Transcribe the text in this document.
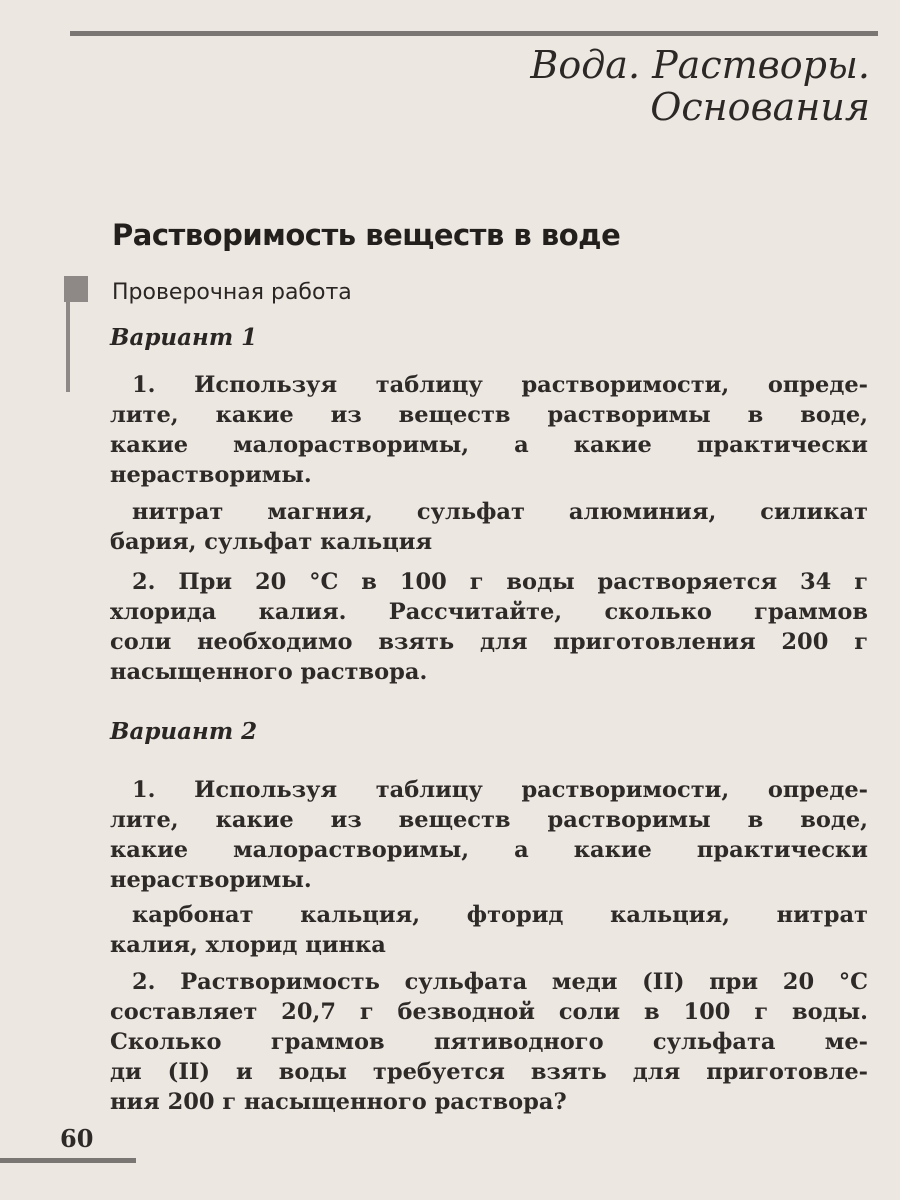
Вода. Растворы.
Основания
Растворимость веществ в воде
Проверочная работа
Вариант 1
1. Используя таблицу растворимости, опреде-
лите, какие из веществ растворимы в воде,
какие малорастворимы, а какие практически
нерастворимы.
нитрат магния, сульфат алюминия, силикат
бария, сульфат кальция
2. При 20 °C в 100 г воды растворяется 34 г
хлорида калия. Рассчитайте, сколько граммов
соли необходимо взять для приготовления 200 г
насыщенного раствора.
Вариант 2
1. Используя таблицу растворимости, опреде-
лите, какие из веществ растворимы в воде,
какие малорастворимы, а какие практически
нерастворимы.
карбонат кальция, фторид кальция, нитрат
калия, хлорид цинка
2. Растворимость сульфата меди (II) при 20 °C
составляет 20,7 г безводной соли в 100 г воды.
Сколько граммов пятиводного сульфата ме-
ди (II) и воды требуется взять для приготовле-
ния 200 г насыщенного раствора?
60
